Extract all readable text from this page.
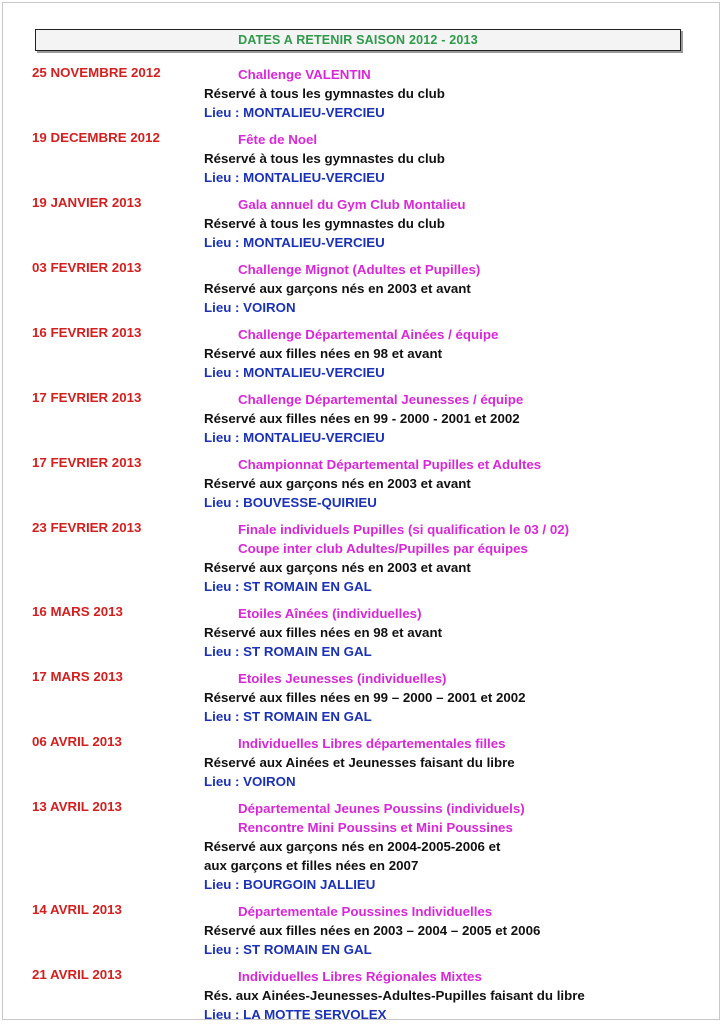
DATES A RETENIR SAISON 2012 - 2013
25 NOVEMBRE 2012	Challenge VALENTIN
Réservé à tous les gymnastes du club
Lieu : MONTALIEU-VERCIEU
19 DECEMBRE 2012	Fête de Noel
Réservé à tous les gymnastes du club
Lieu : MONTALIEU-VERCIEU
19 JANVIER 2013	Gala annuel du Gym Club Montalieu
Réservé à tous les gymnastes du club
Lieu : MONTALIEU-VERCIEU
03 FEVRIER 2013	Challenge Mignot (Adultes et Pupilles)
Réservé aux garçons nés en 2003 et avant
Lieu : VOIRON
16 FEVRIER 2013	Challenge Départemental Ainées / équipe
Réservé aux filles nées en 98 et avant
Lieu : MONTALIEU-VERCIEU
17 FEVRIER 2013	Challenge Départemental Jeunesses / équipe
Réservé aux filles nées en 99 - 2000 - 2001 et 2002
Lieu : MONTALIEU-VERCIEU
17 FEVRIER 2013	Championnat Départemental Pupilles et Adultes
Réservé aux garçons nés en 2003 et avant
Lieu : BOUVESSE-QUIRIEU
23 FEVRIER 2013	Finale individuels Pupilles (si qualification le 03 / 02)
Coupe inter club Adultes/Pupilles par équipes
Réservé aux garçons nés en 2003 et avant
Lieu : ST ROMAIN EN GAL
16 MARS 2013	Etoiles Aînées (individuelles)
Réservé aux filles nées en 98 et avant
Lieu : ST ROMAIN EN GAL
17 MARS 2013	Etoiles Jeunesses (individuelles)
Réservé aux filles nées en 99 – 2000 – 2001 et 2002
Lieu : ST ROMAIN EN GAL
06 AVRIL 2013	Individuelles Libres départementales filles
Réservé aux Ainées et Jeunesses faisant du libre
Lieu : VOIRON
13 AVRIL 2013	Départemental Jeunes Poussins (individuels)
Rencontre Mini Poussins et Mini Poussines
Réservé aux garçons nés en 2004-2005-2006 et
aux garçons et filles nées en 2007
Lieu : BOURGOIN JALLIEU
14 AVRIL 2013	Départementale Poussines Individuelles
Réservé aux filles nées en 2003 – 2004 – 2005 et 2006
Lieu : ST ROMAIN EN GAL
21 AVRIL 2013	Individuelles Libres Régionales Mixtes
Rés. aux Ainées-Jeunesses-Adultes-Pupilles faisant du libre
Lieu : LA MOTTE SERVOLEX
